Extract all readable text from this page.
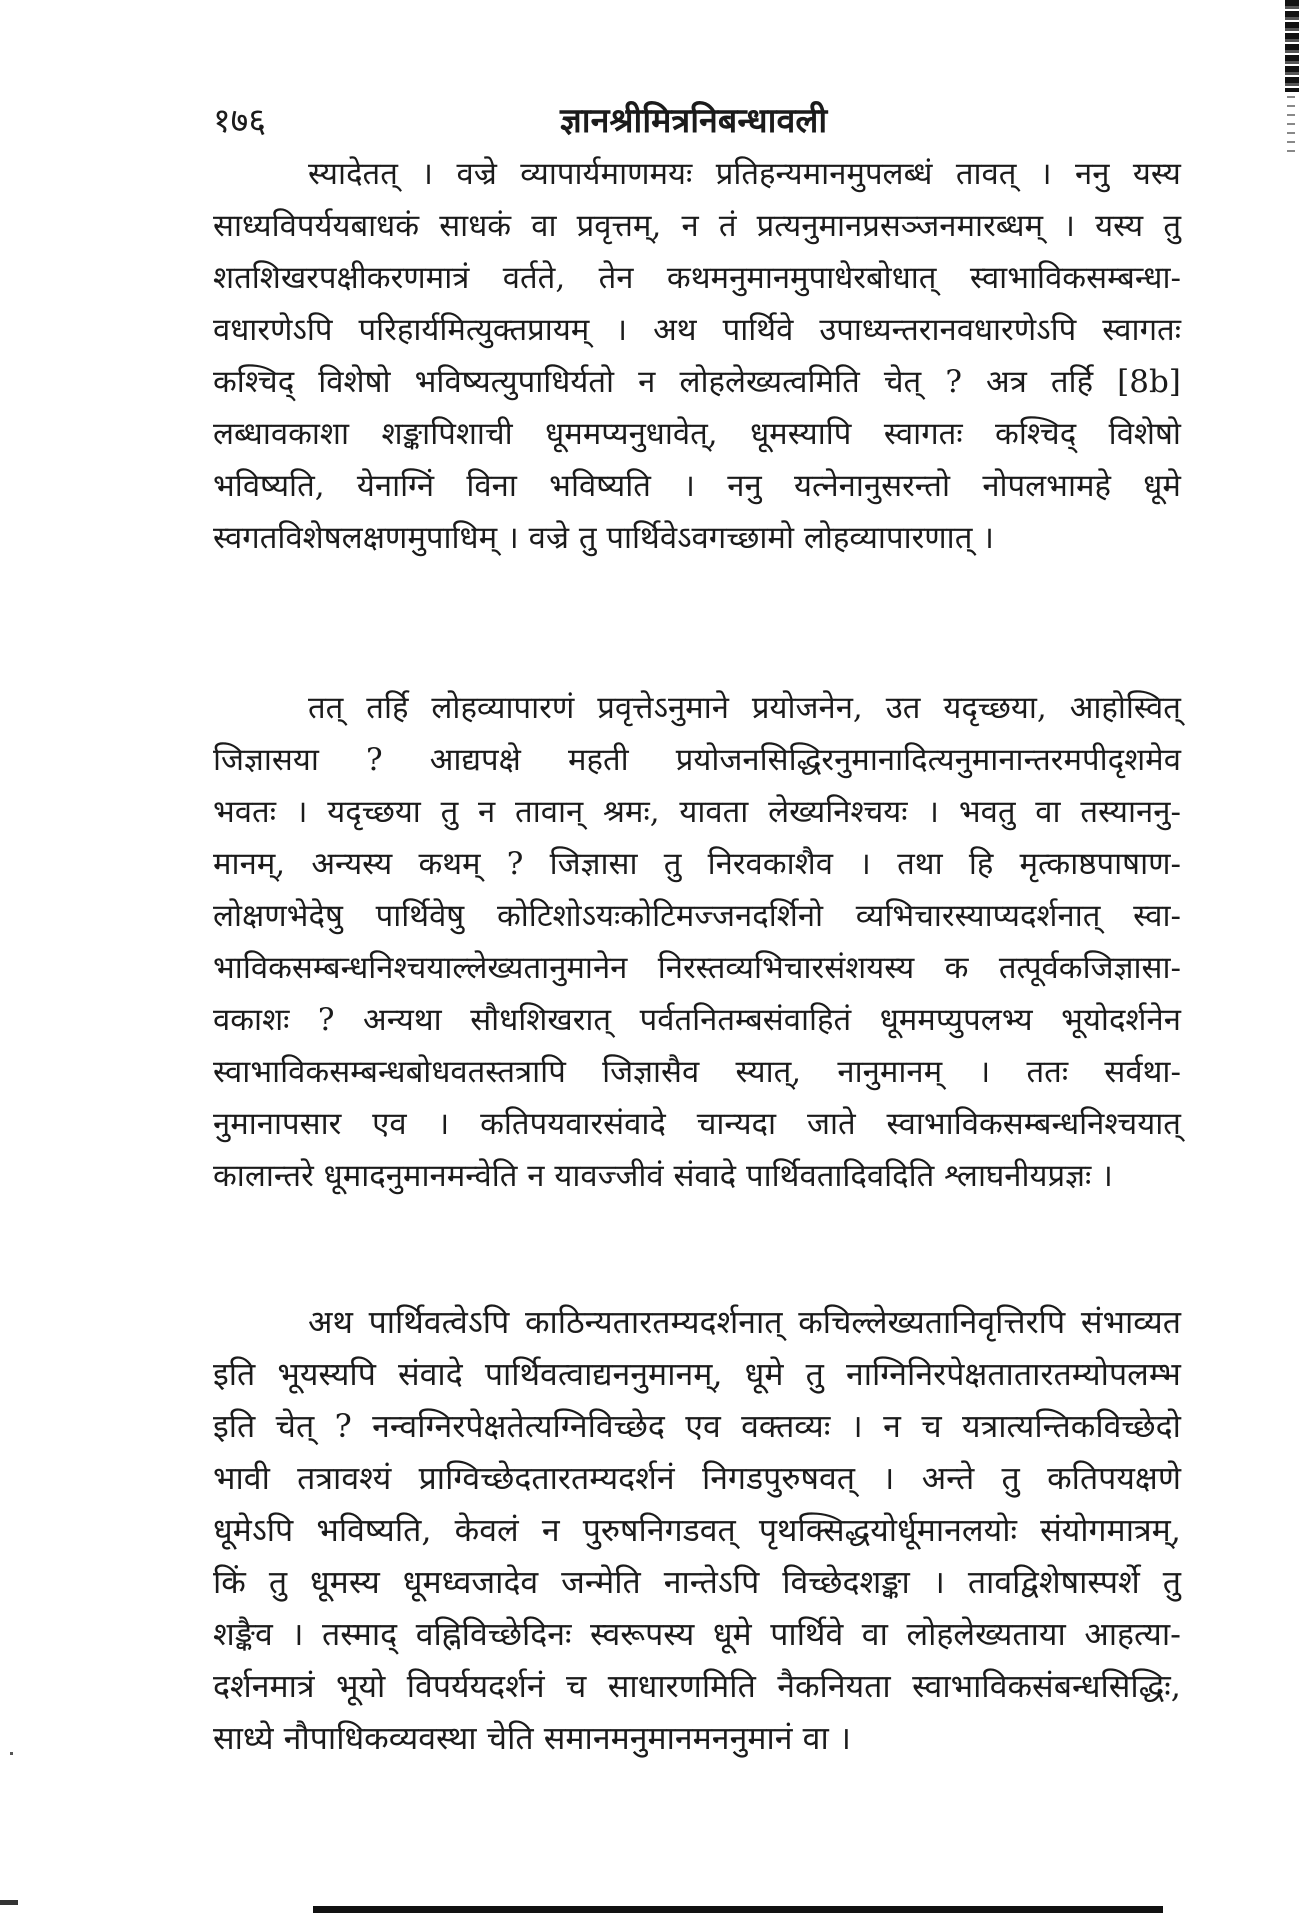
१७६	ज्ञानश्रीमित्रनिबन्धावली
स्यादेतत् । वज्रे व्यापार्यमाणमयः प्रतिहन्यमानमुपलब्धं तावत् । ननु यस्य
साध्यविपर्ययबाधकं साधकं वा प्रवृत्तम्, न तं प्रत्यनुमानप्रसञ्जनमारब्धम् । यस्य तु
शतशिखरपक्षीकरणमात्रं वर्तते, तेन कथमनुमानमुपाधेरबोधात् स्वाभाविकसम्बन्धा-
वधारणेऽपि परिहार्यमित्युक्तप्रायम् । अथ पार्थिवे उपाध्यन्तरानवधारणेऽपि स्वागतः
कश्चिद् विशेषो भविष्यत्युपाधिर्यतो न लोहलेख्यत्वमिति चेत् ? अत्र तर्हि [8b]
लब्धावकाशा शङ्कापिशाची धूममप्यनुधावेत्, धूमस्यापि स्वागतः कश्चिद् विशेषो
भविष्यति, येनाग्निं विना भविष्यति । ननु यत्नेनानुसरन्तो नोपलभामहे धूमे
स्वगतविशेषलक्षणमुपाधिम् । वज्रे तु पार्थिवेऽवगच्छामो लोहव्यापारणात् ।
तत् तर्हि लोहव्यापारणं प्रवृत्तेऽनुमाने प्रयोजनेन, उत यदृच्छया, आहोस्वित्
जिज्ञासया ? आद्यपक्षे महती प्रयोजनसिद्धिरनुमानादित्यनुमानान्तरमपीदृशमेव
भवतः । यदृच्छया तु न तावान् श्रमः, यावता लेख्यनिश्चयः । भवतु वा तस्याननु-
मानम्, अन्यस्य कथम् ? जिज्ञासा तु निरवकाशैव । तथा हि मृत्काष्ठपाषाण-
लोक्षणभेदेषु पार्थिवेषु कोटिशोऽयःकोटिमज्जनदर्शिनो व्यभिचारस्याप्यदर्शनात् स्वा-
भाविकसम्बन्धनिश्चयाल्लेख्यतानुमानेन निरस्तव्यभिचारसंशयस्य क तत्पूर्वकजिज्ञासा-
वकाशः ? अन्यथा सौधशिखरात् पर्वतनितम्बसंवाहितं धूममप्युपलभ्य भूयोदर्शनेन
स्वाभाविकसम्बन्धबोधवतस्तत्रापि जिज्ञासैव स्यात्, नानुमानम् । ततः सर्वथा-
नुमानापसार एव । कतिपयवारसंवादे चान्यदा जाते स्वाभाविकसम्बन्धनिश्चयात्
कालान्तरे धूमादनुमानमन्वेति न यावज्जीवं संवादे पार्थिवतादिवदिति श्लाघनीयप्रज्ञः ।
अथ पार्थिवत्वेऽपि काठिन्यतारतम्यदर्शनात् कचिल्लेख्यतानिवृत्तिरपि संभाव्यत
इति भूयस्यपि संवादे पार्थिवत्वाद्यननुमानम्, धूमे तु नाग्निनिरपेक्षतातारतम्योपलम्भ
इति चेत् ? नन्वग्निरपेक्षतेत्यग्निविच्छेद एव वक्तव्यः । न च यत्रात्यन्तिकविच्छेदो
भावी तत्रावश्यं प्राग्विच्छेदतारतम्यदर्शनं निगडपुरुषवत् । अन्ते तु कतिपयक्षणे
धूमेऽपि भविष्यति, केवलं न पुरुषनिगडवत् पृथक्सिद्धयोर्धूमानलयोः संयोगमात्रम्,
किं तु धूमस्य धूमध्वजादेव जन्मेति नान्तेऽपि विच्छेदशङ्का । तावद्विशेषास्पर्शे तु
शङ्कैव । तस्माद् वह्निविच्छेदिनः स्वरूपस्य धूमे पार्थिवे वा लोहलेख्यताया आहत्या-
दर्शनमात्रं भूयो विपर्ययदर्शनं च साधारणमिति नैकनियता स्वाभाविकसंबन्धसिद्धिः,
साध्ये नौपाधिकव्यवस्था चेति समानमनुमानमननुमानं वा ।
